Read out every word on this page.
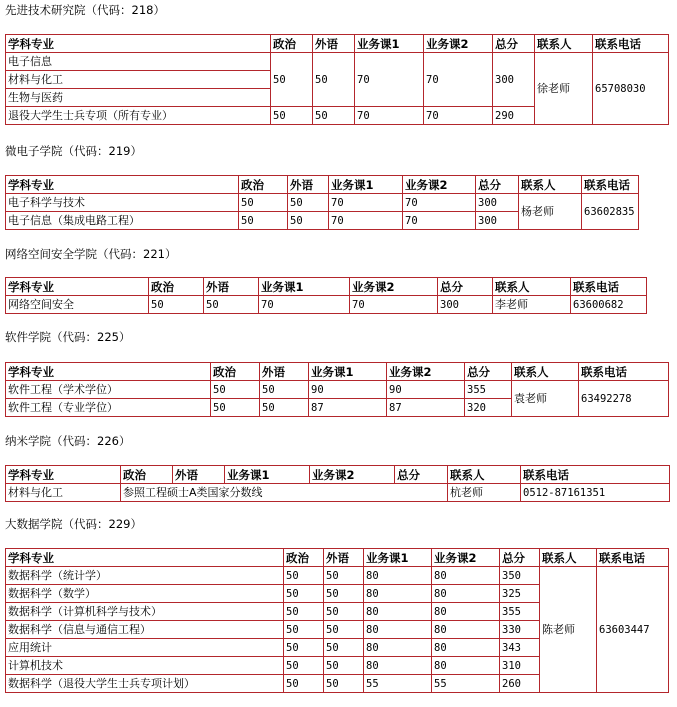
先进技术研究院（代码：218）
学科专业	政治	外语	业务课1	业务课2	总分	联系人	联系电话
电子信息	50	50	70	70	300	徐老师	65708030
材料与化工							
生物与医药							
退役大学生士兵专项（所有专业）	50	50	70	70	290		
微电子学院（代码：219）
学科专业	政治	外语	业务课1	业务课2	总分	联系人	联系电话
电子科学与技术	50	50	70	70	300	杨老师	63602835
电子信息（集成电路工程）	50	50	70	70	300		
网络空间安全学院（代码：221）
学科专业	政治	外语	业务课1	业务课2	总分	联系人	联系电话
网络空间安全	50	50	70	70	300	李老师	63600682
软件学院（代码：225）
学科专业	政治	外语	业务课1	业务课2	总分	联系人	联系电话
软件工程（学术学位）	50	50	90	90	355	袁老师	63492278
软件工程（专业学位）	50	50	87	87	320		
纳米学院（代码：226）
学科专业	政治	外语	业务课1	业务课2	总分	联系人	联系电话
材料与化工	参照工程硕士A类国家分数线					杭老师	0512-87161351
大数据学院（代码：229）
学科专业	政治	外语	业务课1	业务课2	总分	联系人	联系电话
数据科学（统计学）	50	50	80	80	350	陈老师	63603447
数据科学（数学）	50	50	80	80	325		
数据科学（计算机科学与技术）	50	50	80	80	355		
数据科学（信息与通信工程）	50	50	80	80	330		
应用统计	50	50	80	80	343		
计算机技术	50	50	80	80	310		
数据科学（退役大学生士兵专项计划）	50	50	55	55	260		
